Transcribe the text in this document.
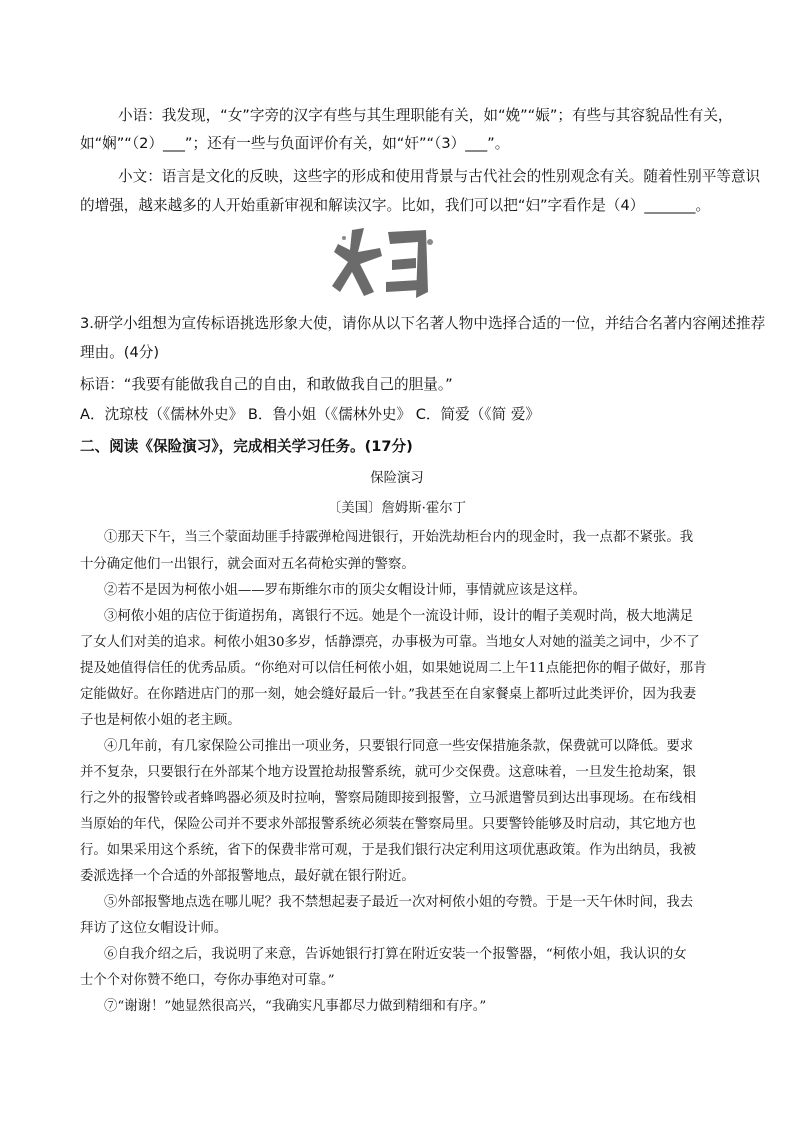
小语：我发现，“女”字旁的汉字有些与其生理职能有关，如“娩”“娠”；有些与其容貌品性有关，
如“娴”“（2）___”；还有一些与负面评价有关，如“奸”“（3）___”。
小文：语言是文化的反映，这些字的形成和使用背景与古代社会的性别观念有关。随着性别平等意识
的增强，越来越多的人开始重新审视和解读汉字。比如，我们可以把“妇”字看作是（4）_______。
3.研学小组想为宣传标语挑选形象大使，请你从以下名著人物中选择合适的一位，并结合名著内容阐述推荐
理由。(4分)
标语：“我要有能做我自己的自由，和敢做我自己的胆量。”
A．沈琼枝（《儒林外史》 B．鲁小姐（《儒林外史》 C．简爱（《简 爱》
二、阅读《保险演习》，完成相关学习任务。(17分)
保险演习
〔美国〕詹姆斯·霍尔丁
①那天下午，当三个蒙面劫匪手持霰弹枪闯进银行，开始洗劫柜台内的现金时，我一点都不紧张。我
十分确定他们一出银行，就会面对五名荷枪实弹的警察。
②若不是因为柯侬小姐——罗布斯维尔市的顶尖女帽设计师，事情就应该是这样。
③柯侬小姐的店位于街道拐角，离银行不远。她是个一流设计师，设计的帽子美观时尚，极大地满足
了女人们对美的追求。柯侬小姐30多岁，恬静漂亮，办事极为可靠。当地女人对她的溢美之词中，少不了
提及她值得信任的优秀品质。“你绝对可以信任柯侬小姐，如果她说周二上午11点能把你的帽子做好，那肯
定能做好。在你踏进店门的那一刻，她会缝好最后一针。”我甚至在自家餐桌上都听过此类评价，因为我妻
子也是柯侬小姐的老主顾。
④几年前，有几家保险公司推出一项业务，只要银行同意一些安保措施条款，保费就可以降低。要求
并不复杂，只要银行在外部某个地方设置抢劫报警系统，就可少交保费。这意味着，一旦发生抢劫案，银
行之外的报警铃或者蜂鸣器必须及时拉响，警察局随即接到报警，立马派遣警员到达出事现场。在布线相
当原始的年代，保险公司并不要求外部报警系统必须装在警察局里。只要警铃能够及时启动，其它地方也
行。如果采用这个系统，省下的保费非常可观，于是我们银行决定利用这项优惠政策。作为出纳员，我被
委派选择一个合适的外部报警地点，最好就在银行附近。
⑤外部报警地点选在哪儿呢？我不禁想起妻子最近一次对柯侬小姐的夸赞。于是一天午休时间，我去
拜访了这位女帽设计师。
⑥自我介绍之后，我说明了来意，告诉她银行打算在附近安装一个报警器，“柯侬小姐，我认识的女
士个个对你赞不绝口，夸你办事绝对可靠。”
⑦“谢谢！”她显然很高兴，“我确实凡事都尽力做到精细和有序。”
